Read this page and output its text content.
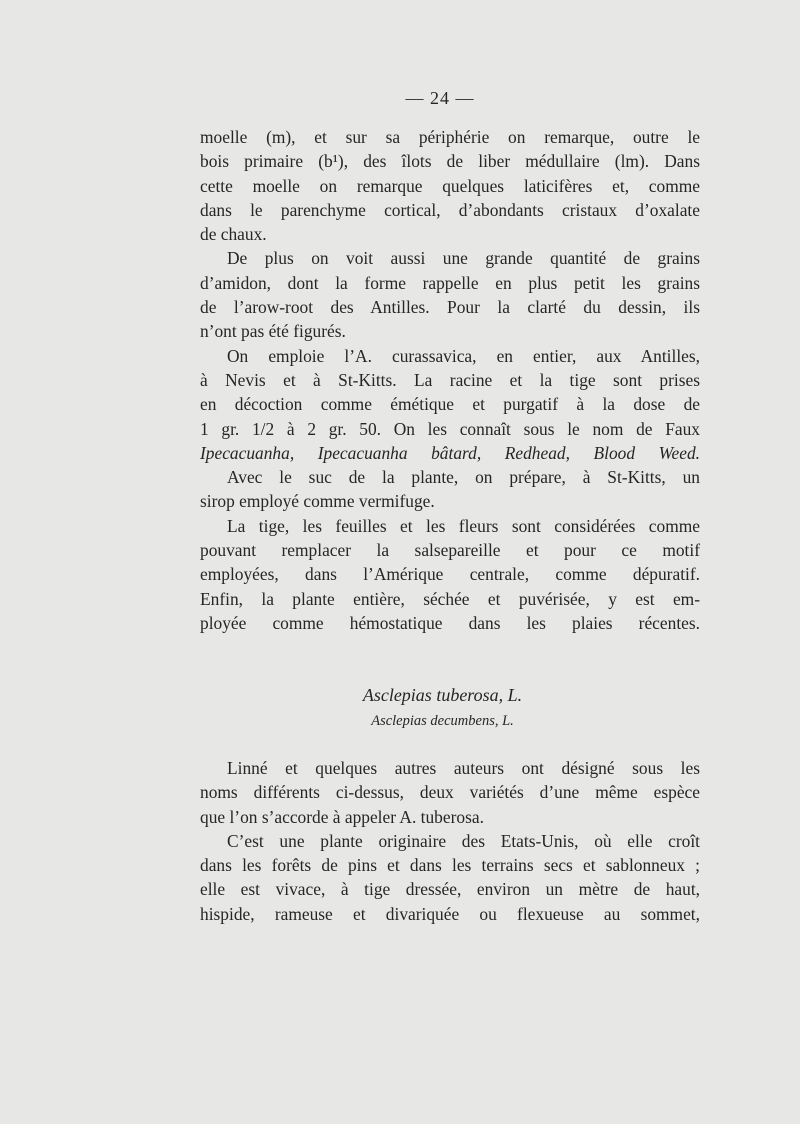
— 24 —
moelle (m), et sur sa périphérie on remarque, outre le
bois primaire (b¹), des îlots de liber médullaire (lm). Dans
cette moelle on remarque quelques laticifères et, comme
dans le parenchyme cortical, d’abondants cristaux d’oxalate
de chaux.
De plus on voit aussi une grande quantité de grains
d’amidon, dont la forme rappelle en plus petit les grains
de l’arow-root des Antilles. Pour la clarté du dessin, ils
n’ont pas été figurés.
On emploie l’A. curassavica, en entier, aux Antilles,
à Nevis et à St-Kitts. La racine et la tige sont prises
en décoction comme émétique et purgatif à la dose de
1 gr. 1/2 à 2 gr. 50. On les connaît sous le nom de Faux
Ipecacuanha, Ipecacuanha bâtard, Redhead, Blood Weed.
Avec le suc de la plante, on prépare, à St-Kitts, un
sirop employé comme vermifuge.
La tige, les feuilles et les fleurs sont considérées comme
pouvant remplacer la salsepareille et pour ce motif
employées, dans l’Amérique centrale, comme dépuratif.
Enfin, la plante entière, séchée et puvérisée, y est em-
ployée comme hémostatique dans les plaies récentes.
Asclepias tuberosa, L.
Asclepias decumbens, L.
Linné et quelques autres auteurs ont désigné sous les
noms différents ci-dessus, deux variétés d’une même espèce
que l’on s’accorde à appeler A. tuberosa.
C’est une plante originaire des Etats-Unis, où elle croît
dans les forêts de pins et dans les terrains secs et sablonneux ;
elle est vivace, à tige dressée, environ un mètre de haut,
hispide, rameuse et divariquée ou flexueuse au sommet,
